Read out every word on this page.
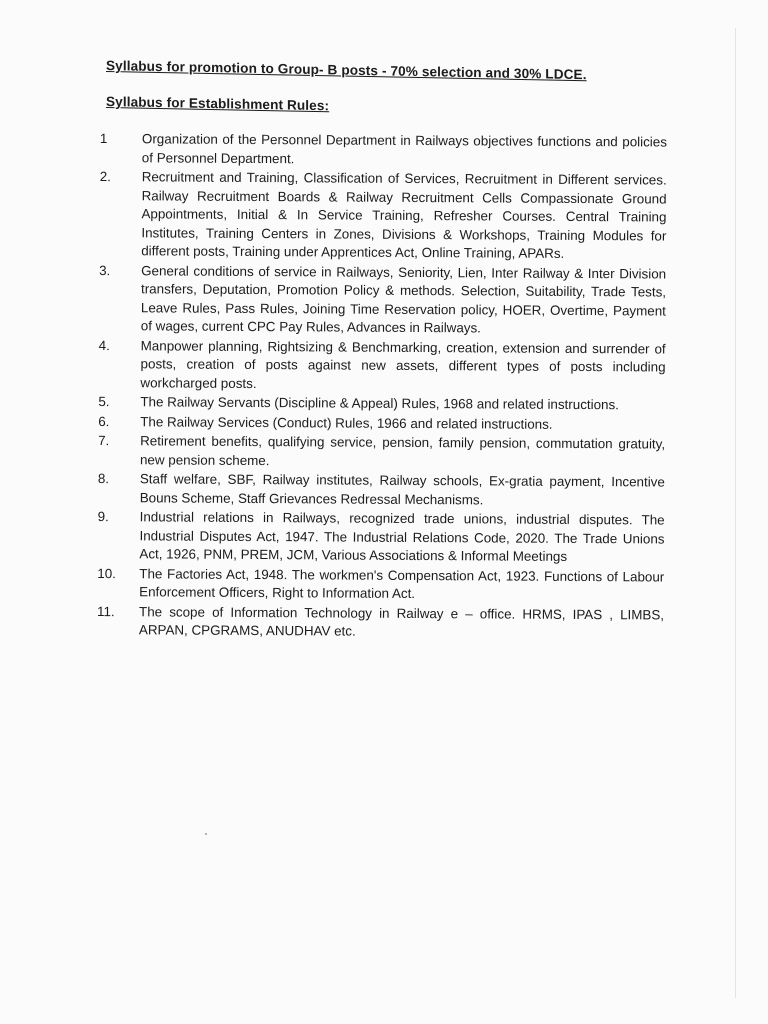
Syllabus for promotion to Group- B posts - 70% selection and 30% LDCE.
Syllabus for Establishment Rules:
1	Organization of the Personnel Department in Railways objectives functions and policies of Personnel Department.
2.	Recruitment and Training, Classification of Services, Recruitment in Different services. Railway Recruitment Boards & Railway Recruitment Cells Compassionate Ground Appointments, Initial & In Service Training, Refresher Courses. Central Training Institutes, Training Centers in Zones, Divisions & Workshops, Training Modules for different posts, Training under Apprentices Act, Online Training, APARs.
3.	General conditions of service in Railways, Seniority, Lien, Inter Railway & Inter Division transfers, Deputation, Promotion Policy & methods. Selection, Suitability, Trade Tests, Leave Rules, Pass Rules, Joining Time Reservation policy, HOER, Overtime, Payment of wages, current CPC Pay Rules, Advances in Railways.
4.	Manpower planning, Rightsizing & Benchmarking, creation, extension and surrender of posts, creation of posts against new assets, different types of posts including workcharged posts.
5.	The Railway Servants (Discipline & Appeal) Rules, 1968 and related instructions.
6.	The Railway Services (Conduct) Rules, 1966 and related instructions.
7.	Retirement benefits, qualifying service, pension, family pension, commutation gratuity, new pension scheme.
8.	Staff welfare, SBF, Railway institutes, Railway schools, Ex-gratia payment, Incentive Bouns Scheme, Staff Grievances Redressal Mechanisms.
9.	Industrial relations in Railways, recognized trade unions, industrial disputes. The Industrial Disputes Act, 1947. The Industrial Relations Code, 2020. The Trade Unions Act, 1926, PNM, PREM, JCM, Various Associations & Informal Meetings
10.	The Factories Act, 1948. The workmen's Compensation Act, 1923. Functions of Labour Enforcement Officers, Right to Information Act.
11.	The scope of Information Technology in Railway e – office. HRMS, IPAS , LIMBS, ARPAN, CPGRAMS, ANUDHAV etc.
